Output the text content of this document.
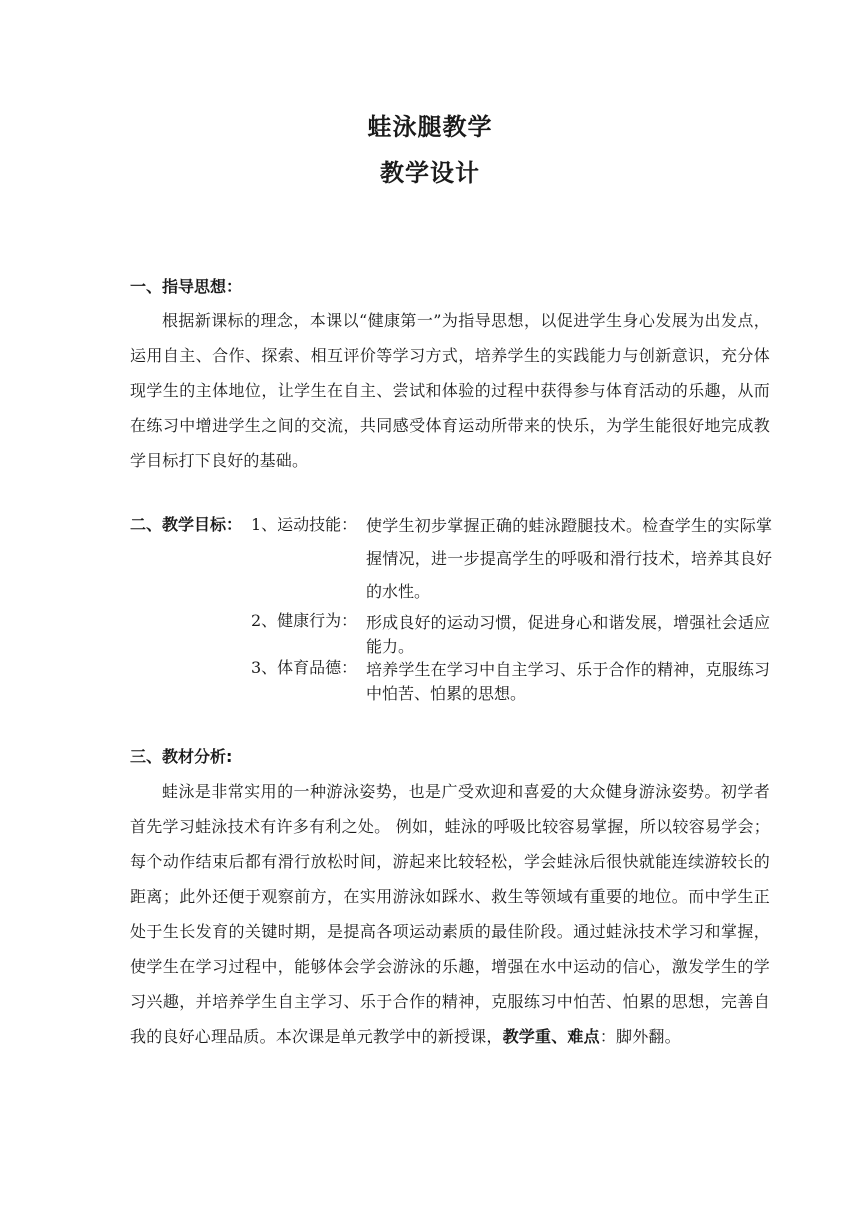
蛙泳腿教学
教学设计
一、指导思想：
根据新课标的理念，本课以“健康第一”为指导思想，以促进学生身心发展为出发点，运用自主、合作、探索、相互评价等学习方式，培养学生的实践能力与创新意识，充分体现学生的主体地位，让学生在自主、尝试和体验的过程中获得参与体育活动的乐趣，从而在练习中增进学生之间的交流，共同感受体育运动所带来的快乐，为学生能很好地完成教学目标打下良好的基础。
二、教学目标： 1、运动技能： 使学生初步掌握正确的蛙泳蹬腿技术。检查学生的实际掌握情况，进一步提高学生的呼吸和滑行技术，培养其良好的水性。
2、健康行为： 形成良好的运动习惯，促进身心和谐发展，增强社会适应能力。
3、体育品德： 培养学生在学习中自主学习、乐于合作的精神，克服练习中怕苦、怕累的思想。
三、教材分析:
蛙泳是非常实用的一种游泳姿势，也是广受欢迎和喜爱的大众健身游泳姿势。初学者首先学习蛙泳技术有许多有利之处。 例如，蛙泳的呼吸比较容易掌握，所以较容易学会；每个动作结束后都有滑行放松时间，游起来比较轻松，学会蛙泳后很快就能连续游较长的距离；此外还便于观察前方，在实用游泳如踩水、救生等领域有重要的地位。而中学生正处于生长发育的关键时期，是提高各项运动素质的最佳阶段。通过蛙泳技术学习和掌握，使学生在学习过程中，能够体会学会游泳的乐趣，增强在水中运动的信心，激发学生的学习兴趣，并培养学生自主学习、乐于合作的精神，克服练习中怕苦、怕累的思想，完善自我的良好心理品质。本次课是单元教学中的新授课，教学重、难点：脚外翻。
